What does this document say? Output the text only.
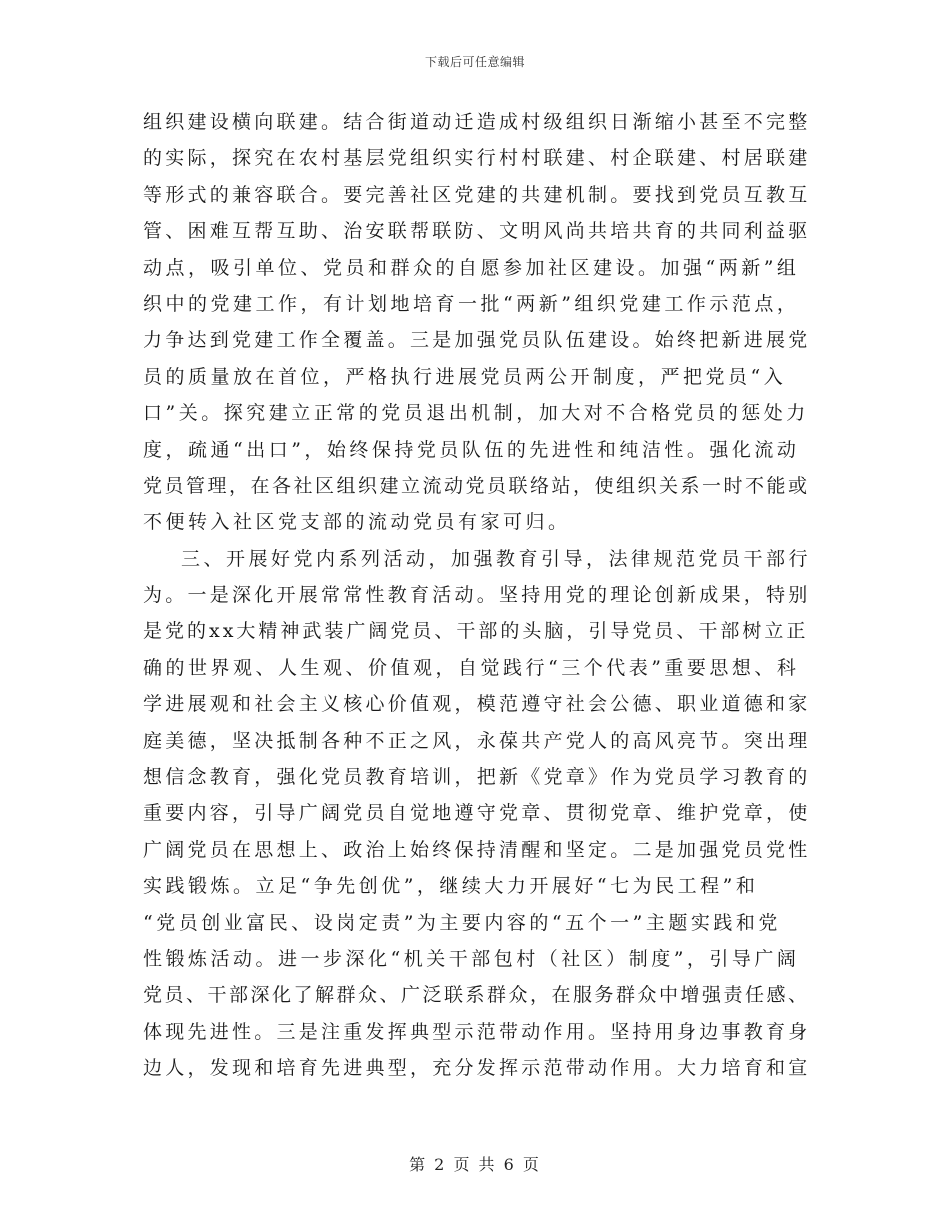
下载后可任意编辑
组织建设横向联建。结合街道动迁造成村级组织日渐缩小甚至不完整
的实际，探究在农村基层党组织实行村村联建、村企联建、村居联建
等形式的兼容联合。要完善社区党建的共建机制。要找到党员互教互
管、困难互帮互助、治安联帮联防、文明风尚共培共育的共同利益驱
动点，吸引单位、党员和群众的自愿参加社区建设。加强“两新”组
织中的党建工作，有计划地培育一批“两新”组织党建工作示范点，
力争达到党建工作全覆盖。三是加强党员队伍建设。始终把新进展党
员的质量放在首位，严格执行进展党员两公开制度，严把党员“入
口”关。探究建立正常的党员退出机制，加大对不合格党员的惩处力
度，疏通“出口”，始终保持党员队伍的先进性和纯洁性。强化流动
党员管理，在各社区组织建立流动党员联络站，使组织关系一时不能或
不便转入社区党支部的流动党员有家可归。
三、开展好党内系列活动，加强教育引导，法律规范党员干部行
为。一是深化开展常常性教育活动。坚持用党的理论创新成果，特别
是党的xx大精神武装广阔党员、干部的头脑，引导党员、干部树立正
确的世界观、人生观、价值观，自觉践行“三个代表”重要思想、科
学进展观和社会主义核心价值观，模范遵守社会公德、职业道德和家
庭美德，坚决抵制各种不正之风，永葆共产党人的高风亮节。突出理
想信念教育，强化党员教育培训，把新《党章》作为党员学习教育的
重要内容，引导广阔党员自觉地遵守党章、贯彻党章、维护党章，使
广阔党员在思想上、政治上始终保持清醒和坚定。二是加强党员党性
实践锻炼。立足“争先创优”，继续大力开展好“七为民工程”和
“党员创业富民、设岗定责”为主要内容的“五个一”主题实践和党
性锻炼活动。进一步深化“机关干部包村（社区）制度”，引导广阔
党员、干部深化了解群众、广泛联系群众，在服务群众中增强责任感、
体现先进性。三是注重发挥典型示范带动作用。坚持用身边事教育身
边人，发现和培育先进典型，充分发挥示范带动作用。大力培育和宣
第 2 页 共 6 页
